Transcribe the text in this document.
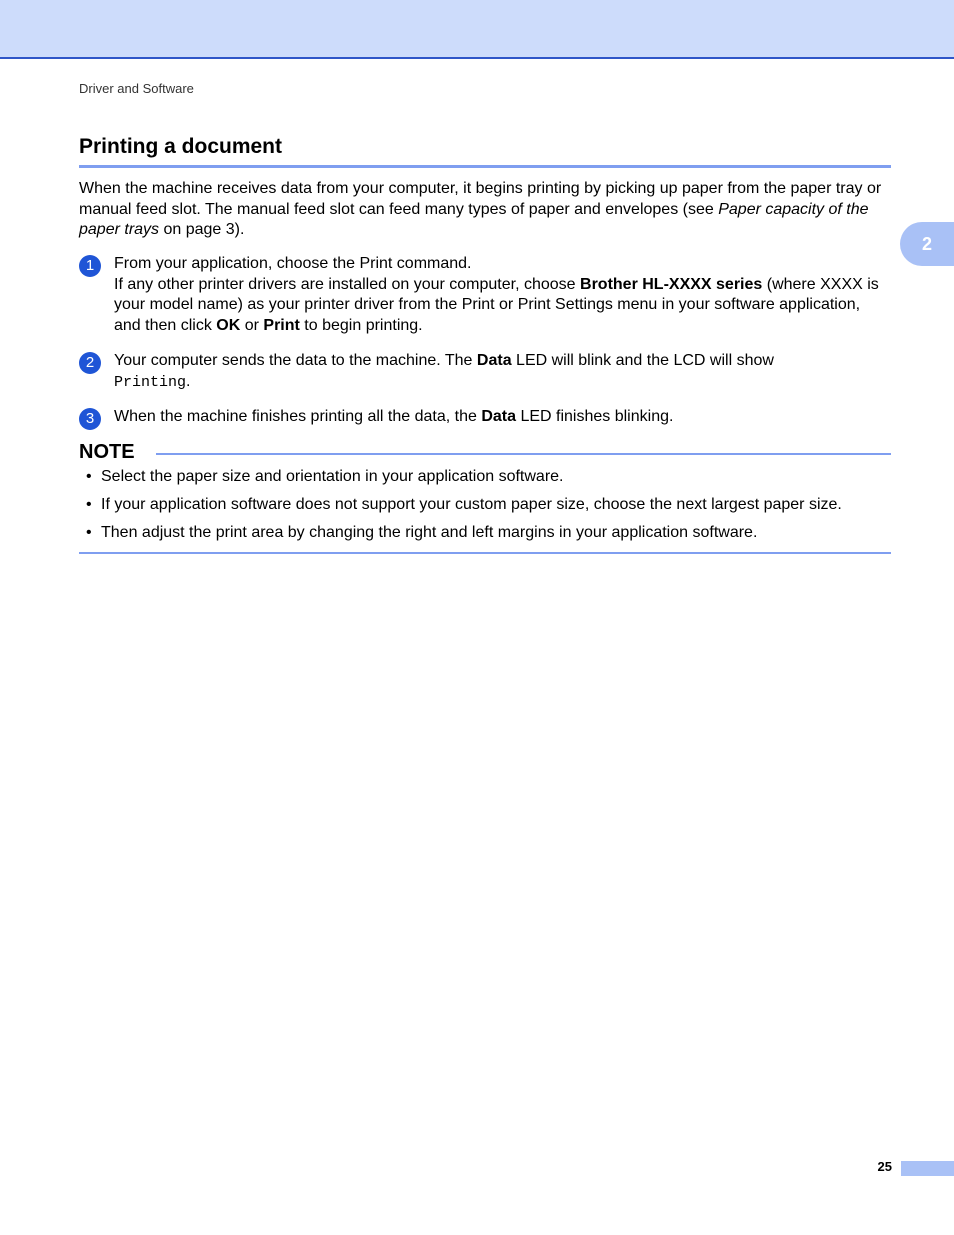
Driver and Software
Printing a document
2

When the machine receives data from your computer, it begins printing by picking up paper from the paper tray or manual feed slot. The manual feed slot can feed many types of paper and envelopes (see Paper capacity of the paper trays on page 3).

1	From your application, choose the Print command.
If any other printer drivers are installed on your computer, choose Brother HL-XXXX series (where XXXX is your model name) as your printer driver from the Print or Print Settings menu in your software application, and then click OK or Print to begin printing.
2	Your computer sends the data to the machine. The Data LED will blink and the LCD will show
Printing.
3	When the machine finishes printing all the data, the Data LED finishes blinking.
NOTE
• Select the paper size and orientation in your application software.
• If your application software does not support your custom paper size, choose the next largest paper size.
• Then adjust the print area by changing the right and left margins in your application software.
25
